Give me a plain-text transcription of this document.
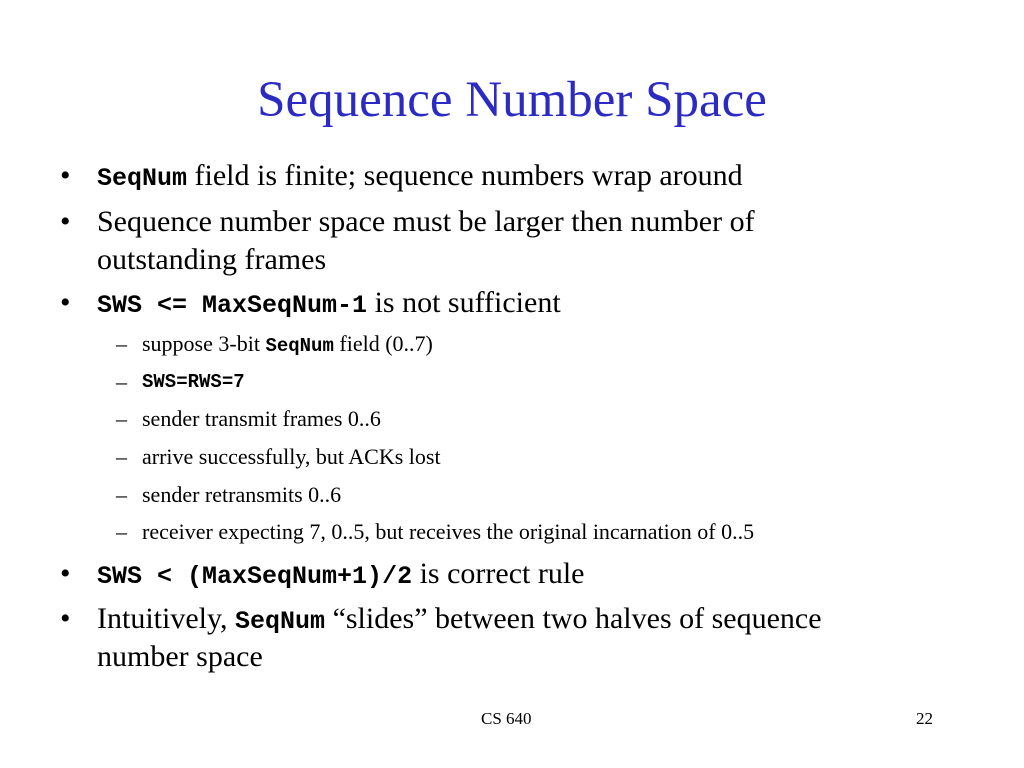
Sequence Number Space
• SeqNum field is finite; sequence numbers wrap around
• Sequence number space must be larger then number of
outstanding frames
• SWS <= MaxSeqNum-1 is not sufficient
– suppose 3-bit SeqNum field (0..7)
– SWS=RWS=7
– sender transmit frames 0..6
– arrive successfully, but ACKs lost
– sender retransmits 0..6
– receiver expecting 7, 0..5, but receives the original incarnation of 0..5
• SWS < (MaxSeqNum+1)/2 is correct rule
• Intuitively, SeqNum “slides” between two halves of sequence
number space
CS 640	22
